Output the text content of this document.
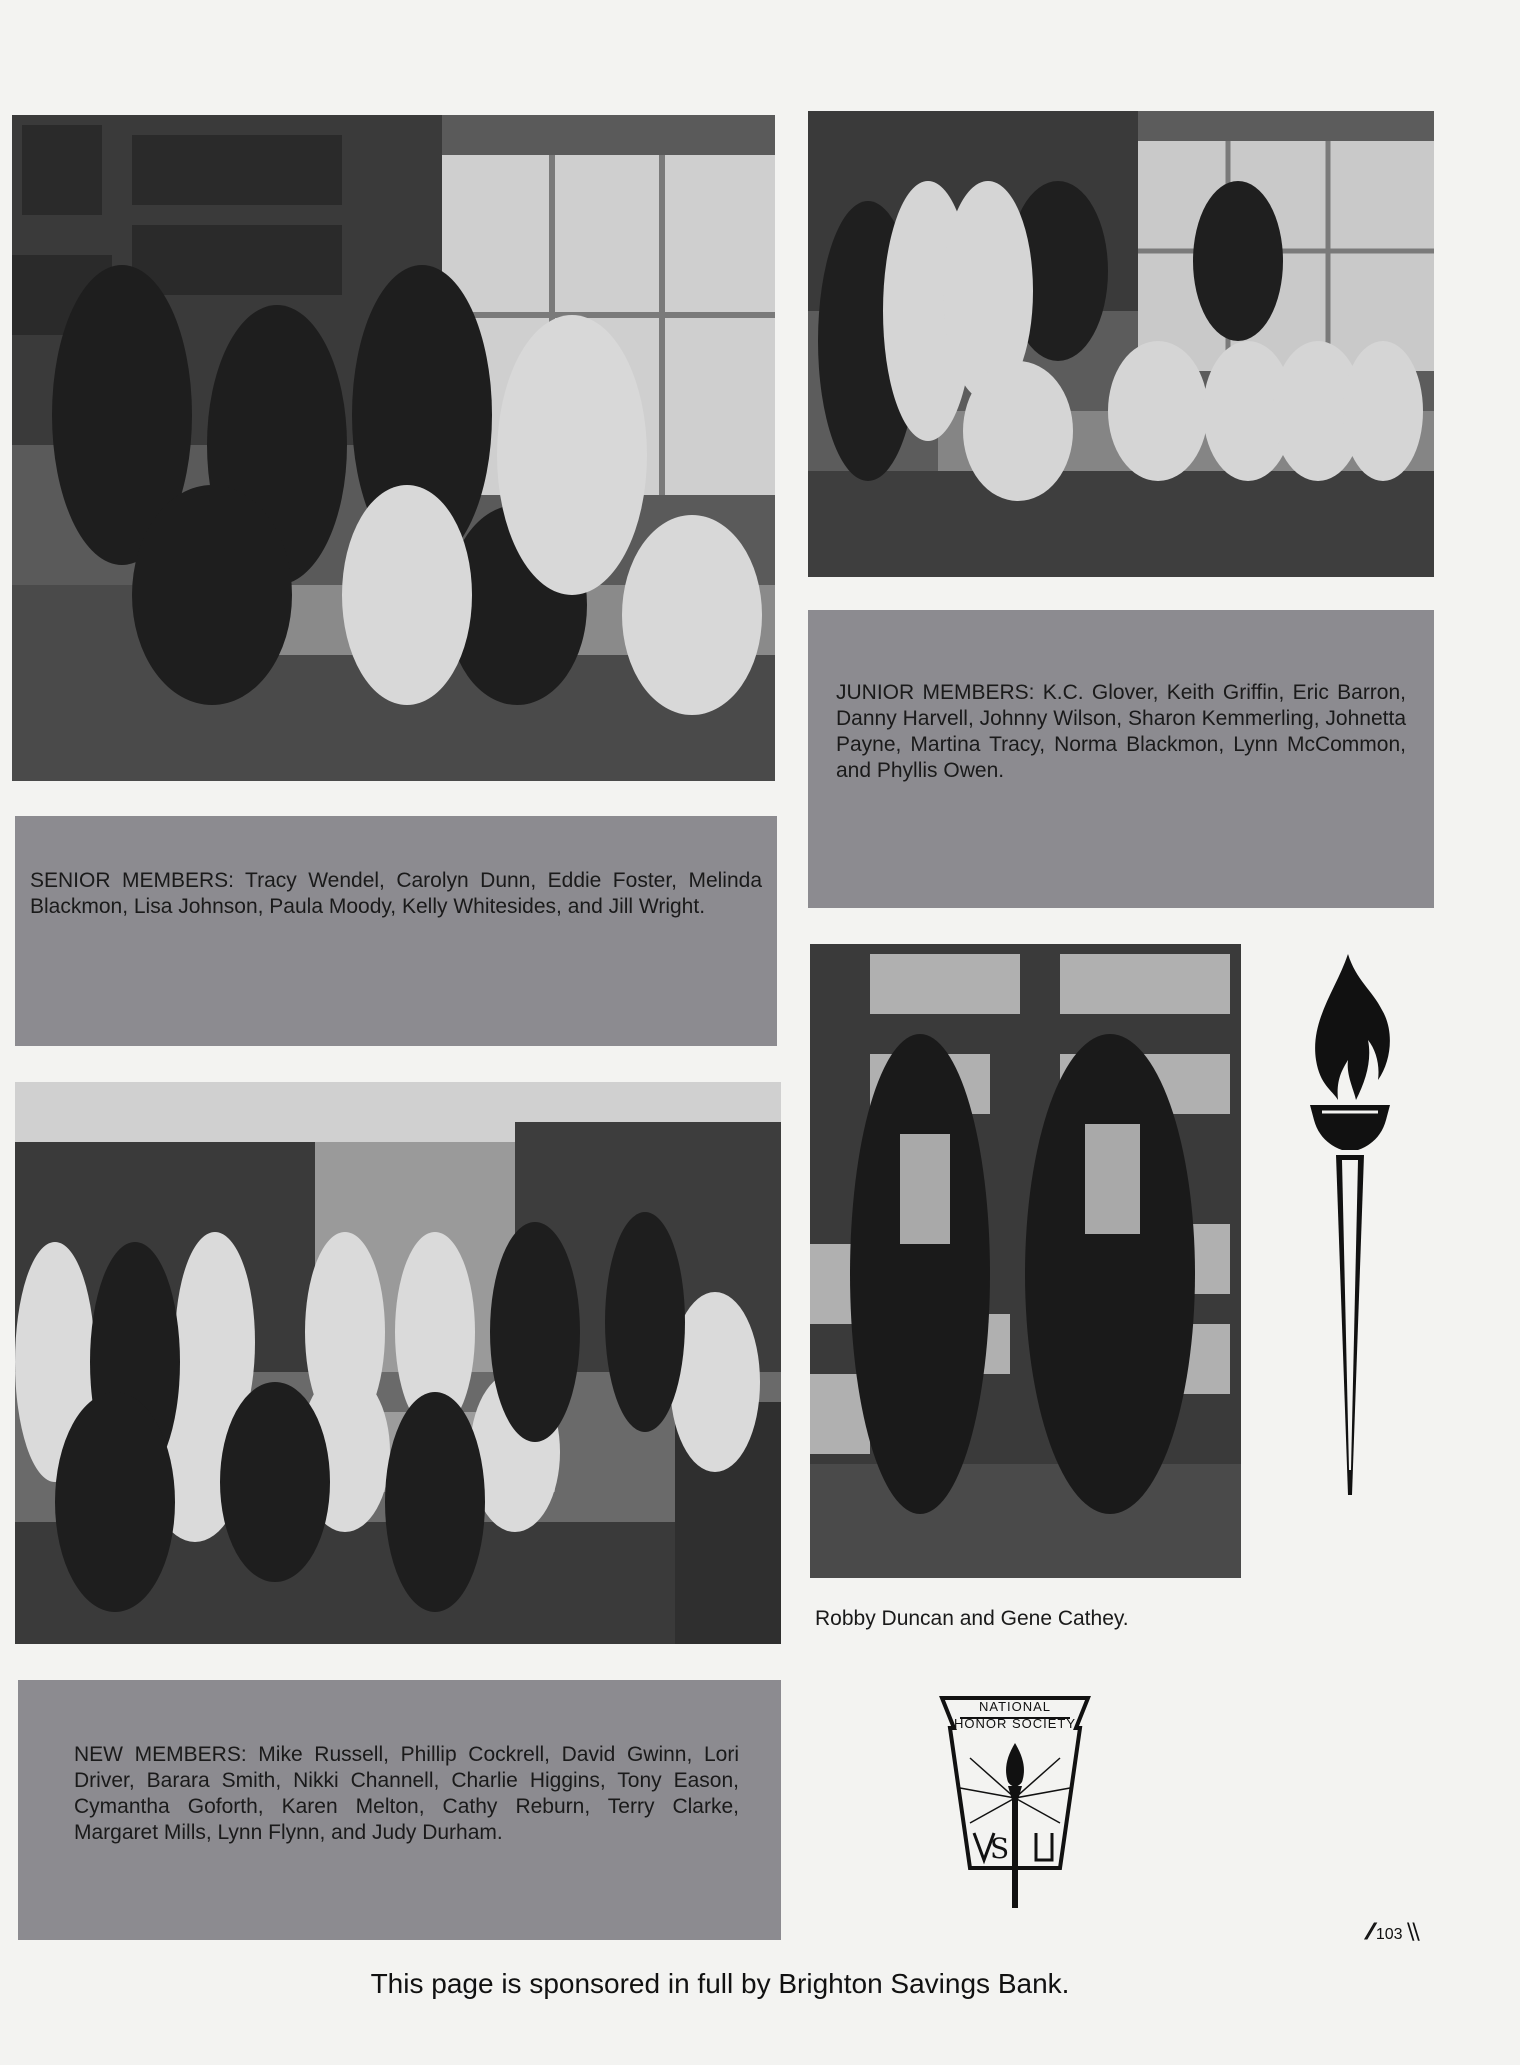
JUNIOR MEMBERS: K.C. Glover, Keith Griffin, Eric Barron, Danny Harvell, Johnny Wilson, Sharon Kemmerling, Johnetta Payne, Martina Tracy, Norma Blackmon, Lynn McCommon, and Phyllis Owen.

SENIOR MEMBERS: Tracy Wendel, Carolyn Dunn, Eddie Foster, Melinda Blackmon, Lisa Johnson, Paula Moody, Kelly Whitesides, and Jill Wright.

NEW MEMBERS: Mike Russell, Phillip Cockrell, David Gwinn, Lori Driver, Barara Smith, Nikki Channell, Charlie Higgins, Tony Eason, Cymantha Goforth, Karen Melton, Cathy Reburn, Terry Clarke, Margaret Mills, Lynn Flynn, and Judy Durham.

Robby Duncan and Gene Cathey.
S
NATIONAL
HONOR SOCIETY
This page is sponsored in full by Brighton Savings Bank.
⁄⁄ 103 \\
